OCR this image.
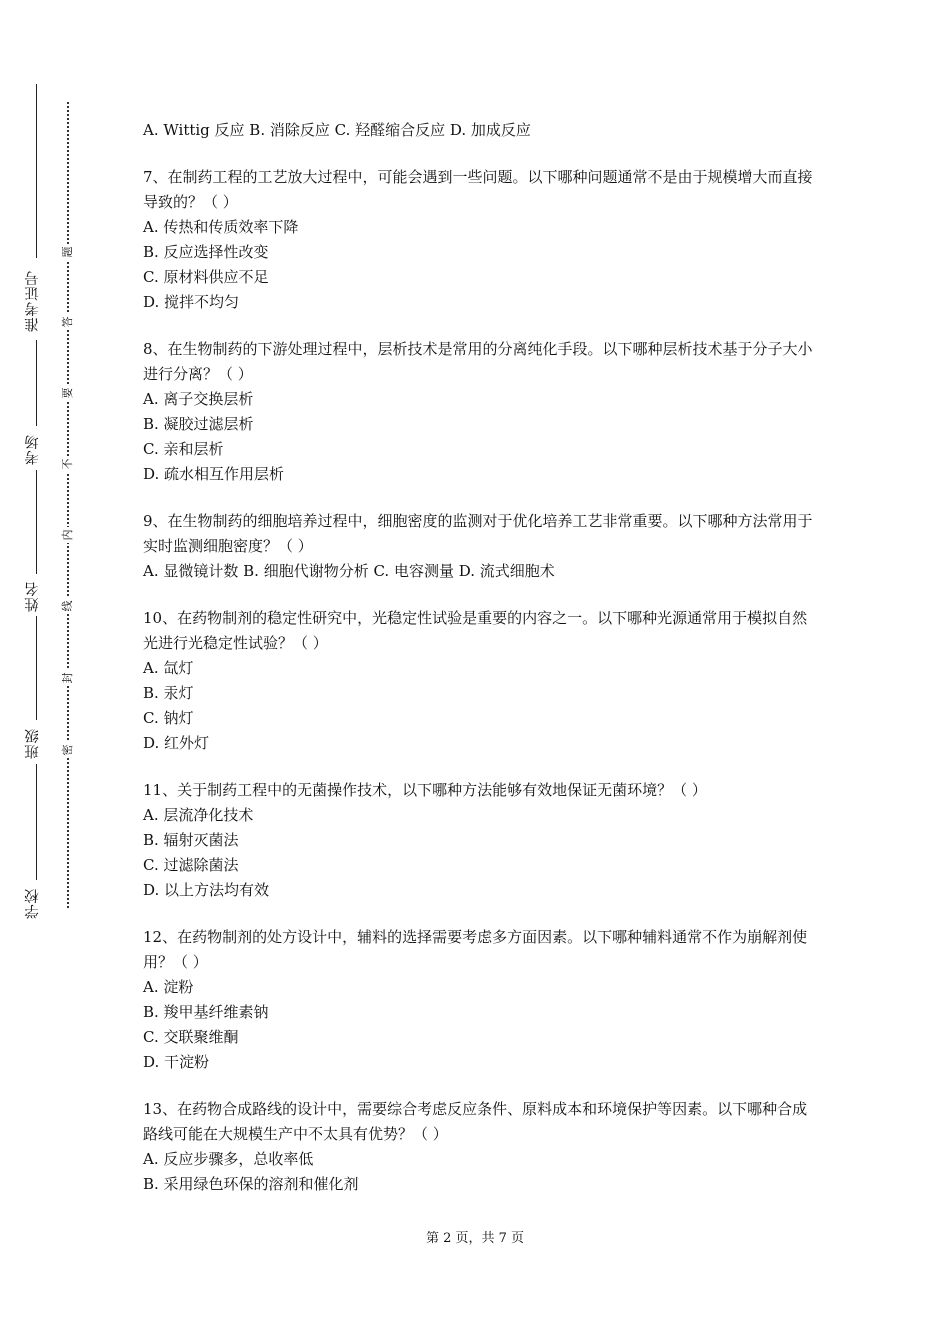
准考证号
考场
姓名
班级
学校
题
答
要
不
内
线
封
密

A. Wittig 反应 B. 消除反应 C. 羟醛缩合反应 D. 加成反应

7、在制药工程的工艺放大过程中，可能会遇到一些问题。以下哪种问题通常不是由于规模增大而直接导致的？（ ）

A. 传热和传质效率下降

B. 反应选择性改变

C. 原材料供应不足

D. 搅拌不均匀

8、在生物制药的下游处理过程中，层析技术是常用的分离纯化手段。以下哪种层析技术基于分子大小进行分离？（ ）

A. 离子交换层析

B. 凝胶过滤层析

C. 亲和层析

D. 疏水相互作用层析

9、在生物制药的细胞培养过程中，细胞密度的监测对于优化培养工艺非常重要。以下哪种方法常用于实时监测细胞密度？（ ）

A. 显微镜计数 B. 细胞代谢物分析 C. 电容测量 D. 流式细胞术

10、在药物制剂的稳定性研究中，光稳定性试验是重要的内容之一。以下哪种光源通常用于模拟自然光进行光稳定性试验？（ ）

A. 氙灯

B. 汞灯

C. 钠灯

D. 红外灯

11、关于制药工程中的无菌操作技术，以下哪种方法能够有效地保证无菌环境？（ ）

A. 层流净化技术

B. 辐射灭菌法

C. 过滤除菌法

D. 以上方法均有效

12、在药物制剂的处方设计中，辅料的选择需要考虑多方面因素。以下哪种辅料通常不作为崩解剂使用？（ ）

A. 淀粉

B. 羧甲基纤维素钠

C. 交联聚维酮

D. 干淀粉

13、在药物合成路线的设计中，需要综合考虑反应条件、原料成本和环境保护等因素。以下哪种合成路线可能在大规模生产中不太具有优势？（ ）

A. 反应步骤多，总收率低

B. 采用绿色环保的溶剂和催化剂

第 2 页，共 7 页
